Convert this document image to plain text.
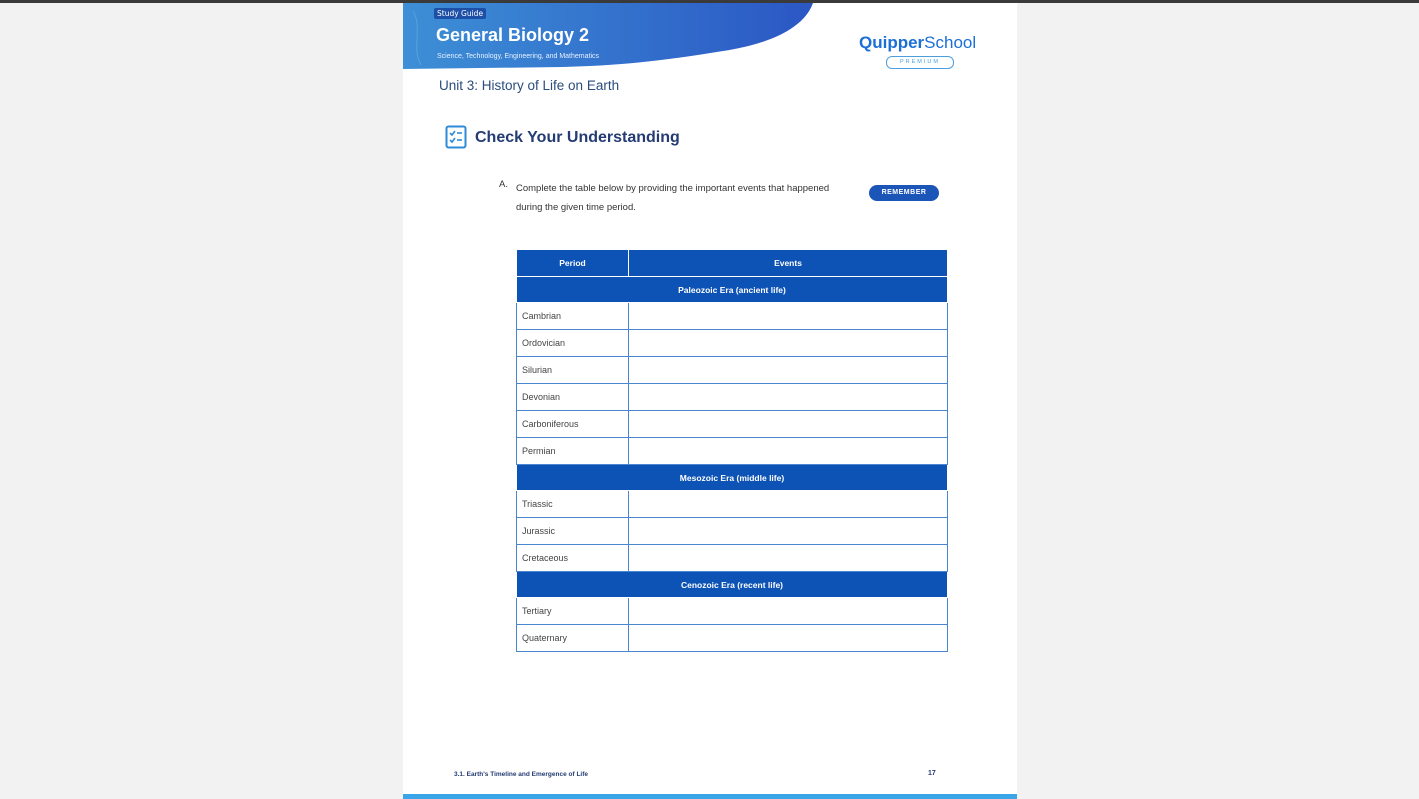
Study Guide
General Biology 2
Science, Technology, Engineering, and Mathematics
QuipperSchool
PREMIUM
Unit 3: History of Life on Earth
Check Your Understanding
A. Complete the table below by providing the important events that happened during the given time period.
REMEMBER
Period	Events
Paleozoic Era (ancient life)	
Cambrian	
Ordovician	
Silurian	
Devonian	
Carboniferous	
Permian	
Mesozoic Era (middle life)	
Triassic	
Jurassic	
Cretaceous	
Cenozoic Era (recent life)	
Tertiary	
Quaternary	
3.1. Earth's Timeline and Emergence of Life	17
